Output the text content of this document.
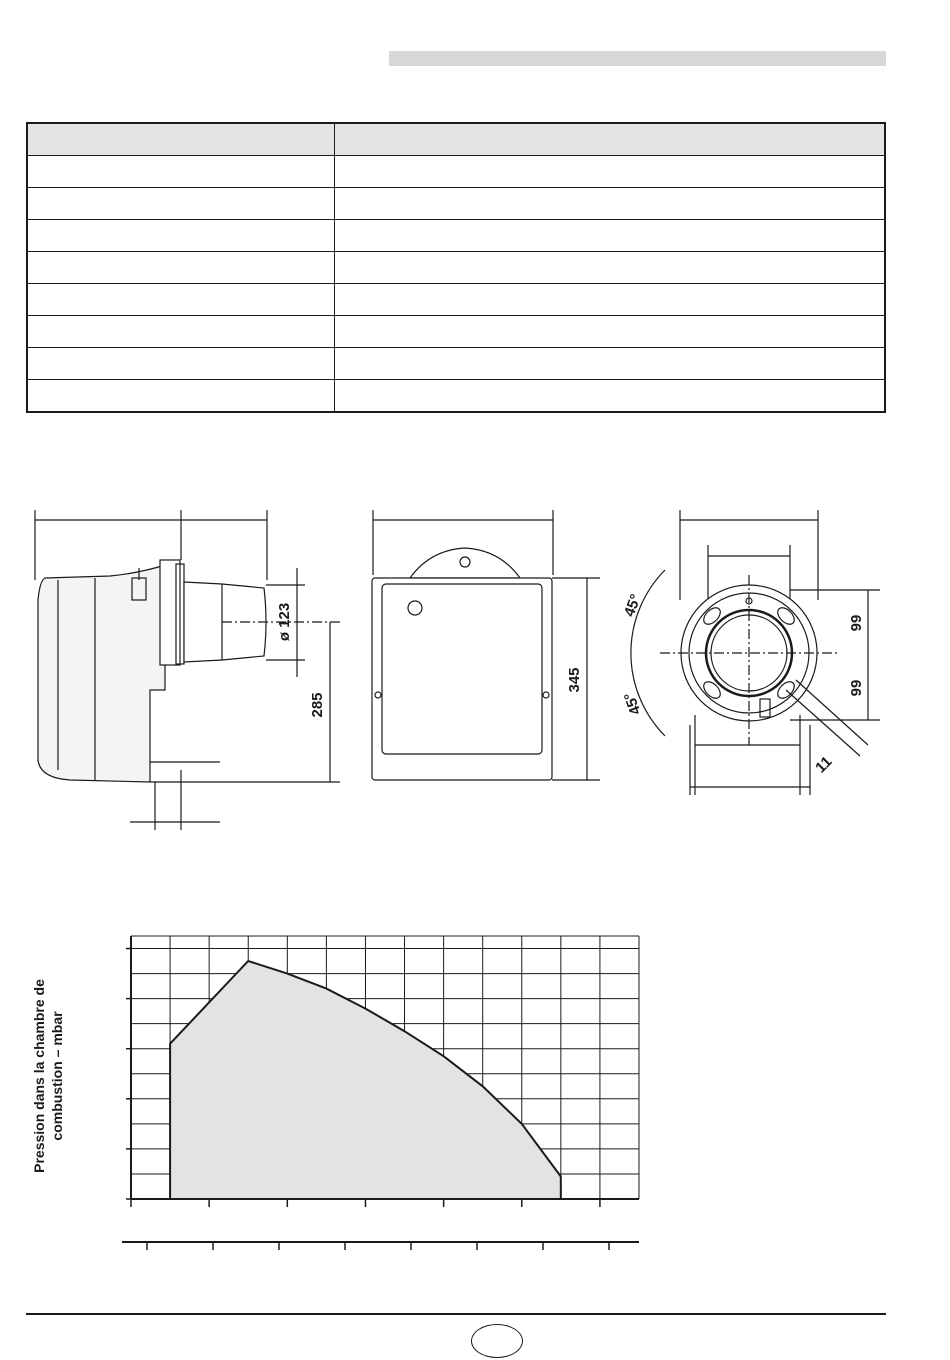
285
ø 123
345
45°
45°
99
99
11
Pression dans la chambre de combustion – mbar
